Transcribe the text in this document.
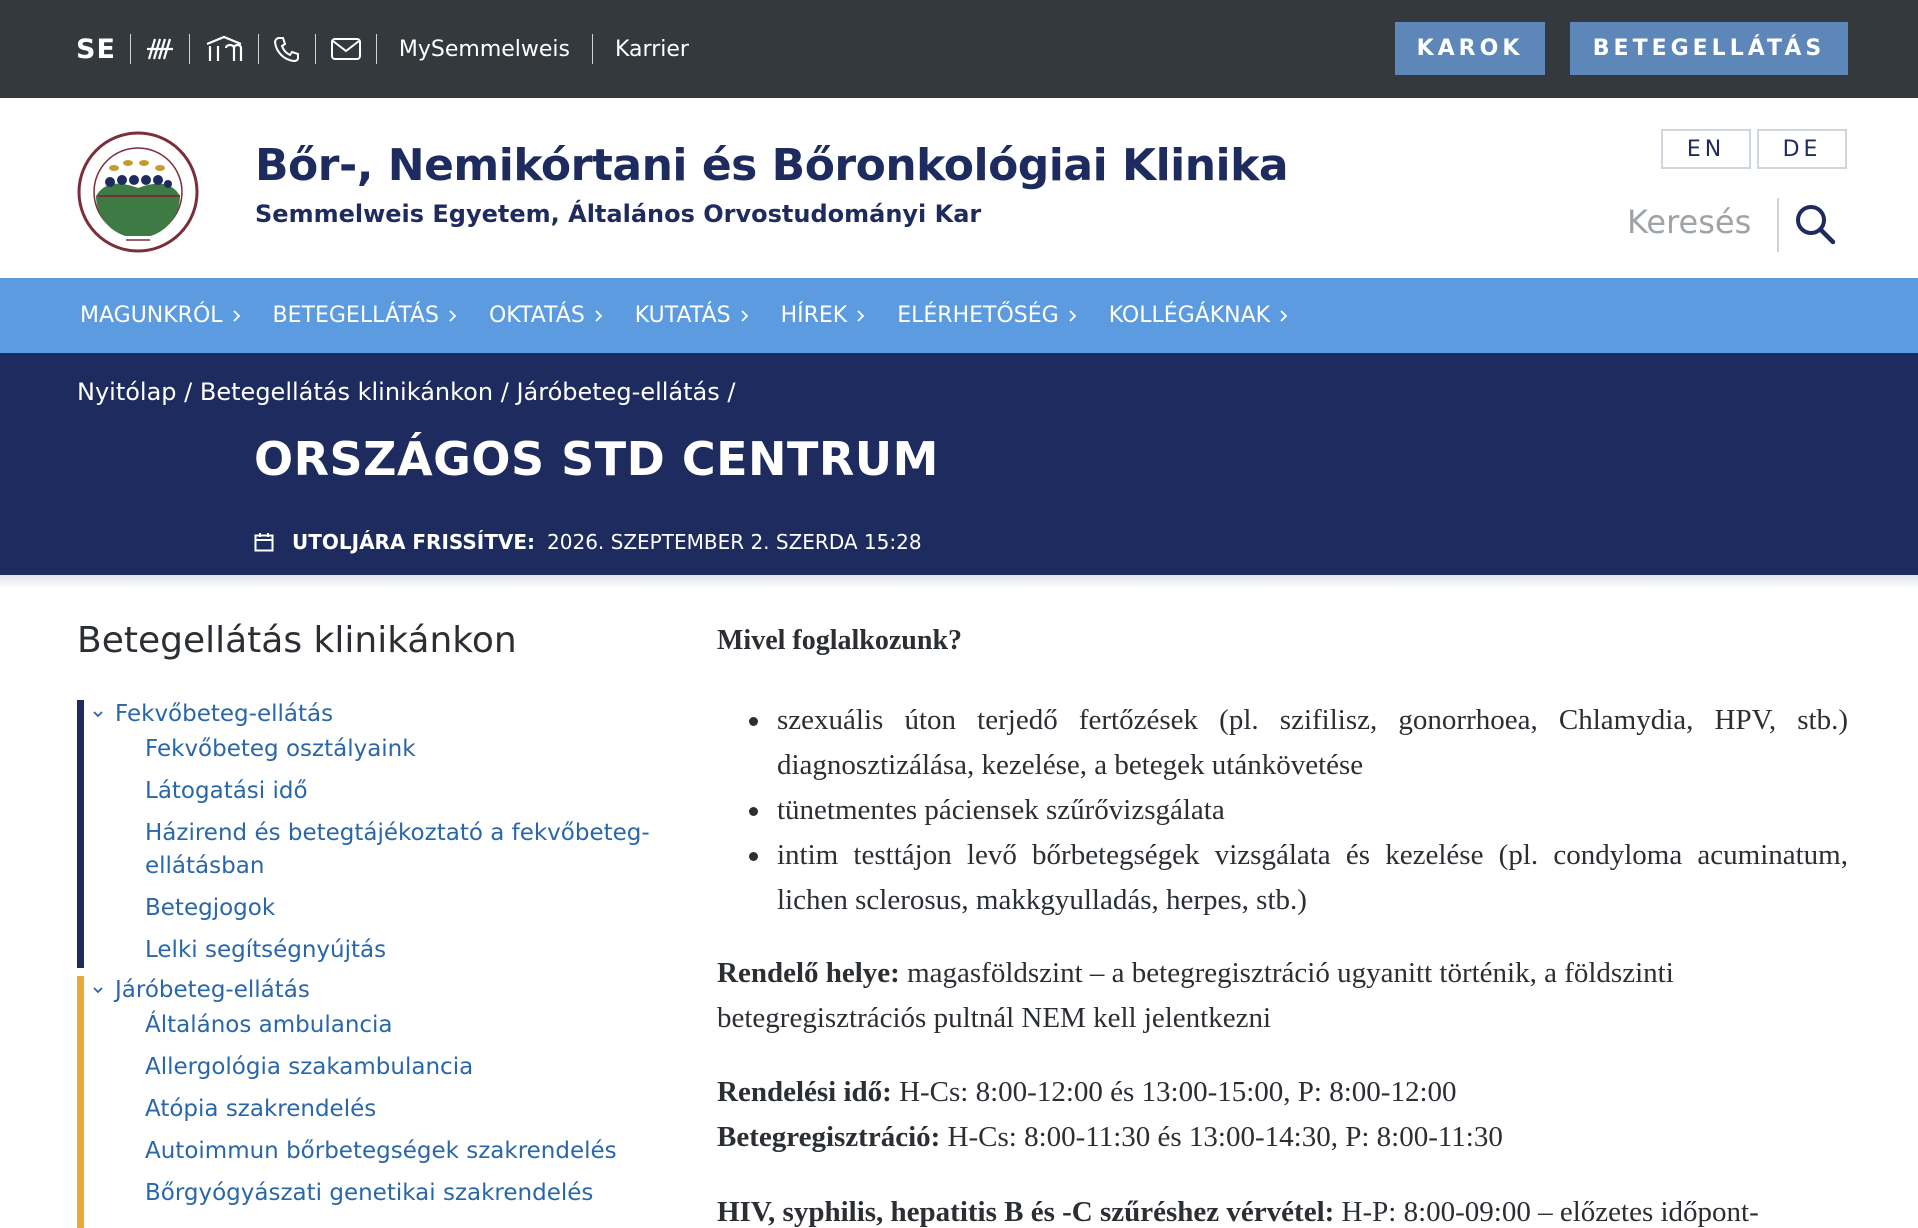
SE	MySemmelweis	Karrier	KAROK	BETEGELLÁTÁS
Bőr-, Nemikórtani és Bőronkológiai Klinika
Semmelweis Egyetem, Általános Orvostudományi Kar
EN	DE
Keresés
MAGUNKRÓL BETEGELLÁTÁS OKTATÁS KUTATÁS HÍREK ELÉRHETŐSÉG KOLLÉGÁKNAK
Nyitólap / Betegellátás klinikánkon / Járóbeteg-ellátás /
ORSZÁGOS STD CENTRUM
UTOLJÁRA FRISSÍTVE: 2026. SZEPTEMBER 2. SZERDA 15:28
Betegellátás klinikánkon
Fekvőbeteg-ellátás
Fekvőbeteg osztályaink
Látogatási idő
Házirend és betegtájékoztató a fekvőbeteg-ellátásban
Betegjogok
Lelki segítségnyújtás
Járóbeteg-ellátás
Általános ambulancia
Allergológia szakambulancia
Atópia szakrendelés
Autoimmun bőrbetegségek szakrendelés
Bőrgyógyászati genetikai szakrendelés
Mivel foglalkozunk?
szexuális úton terjedő fertőzések (pl. szifilisz, gonorrhoea, Chlamydia, HPV, stb.) diagnosztizálása, kezelése, a betegek utánkövetése
tünetmentes páciensek szűrővizsgálata
intim testtájon levő bőrbetegségek vizsgálata és kezelése (pl. condyloma acuminatum, lichen sclerosus, makkgyulladás, herpes, stb.)
Rendelő helye: magasföldszint – a betegregisztráció ugyanitt történik, a földszinti betegregisztrációs pultnál NEM kell jelentkezni
Rendelési idő: H-Cs: 8:00-12:00 és 13:00-15:00, P: 8:00-12:00
Betegregisztráció: H-Cs: 8:00-11:30 és 13:00-14:30, P: 8:00-11:30
HIV, syphilis, hepatitis B és -C szűréshez vérvétel: H-P: 8:00-09:00 – előzetes időpont-
